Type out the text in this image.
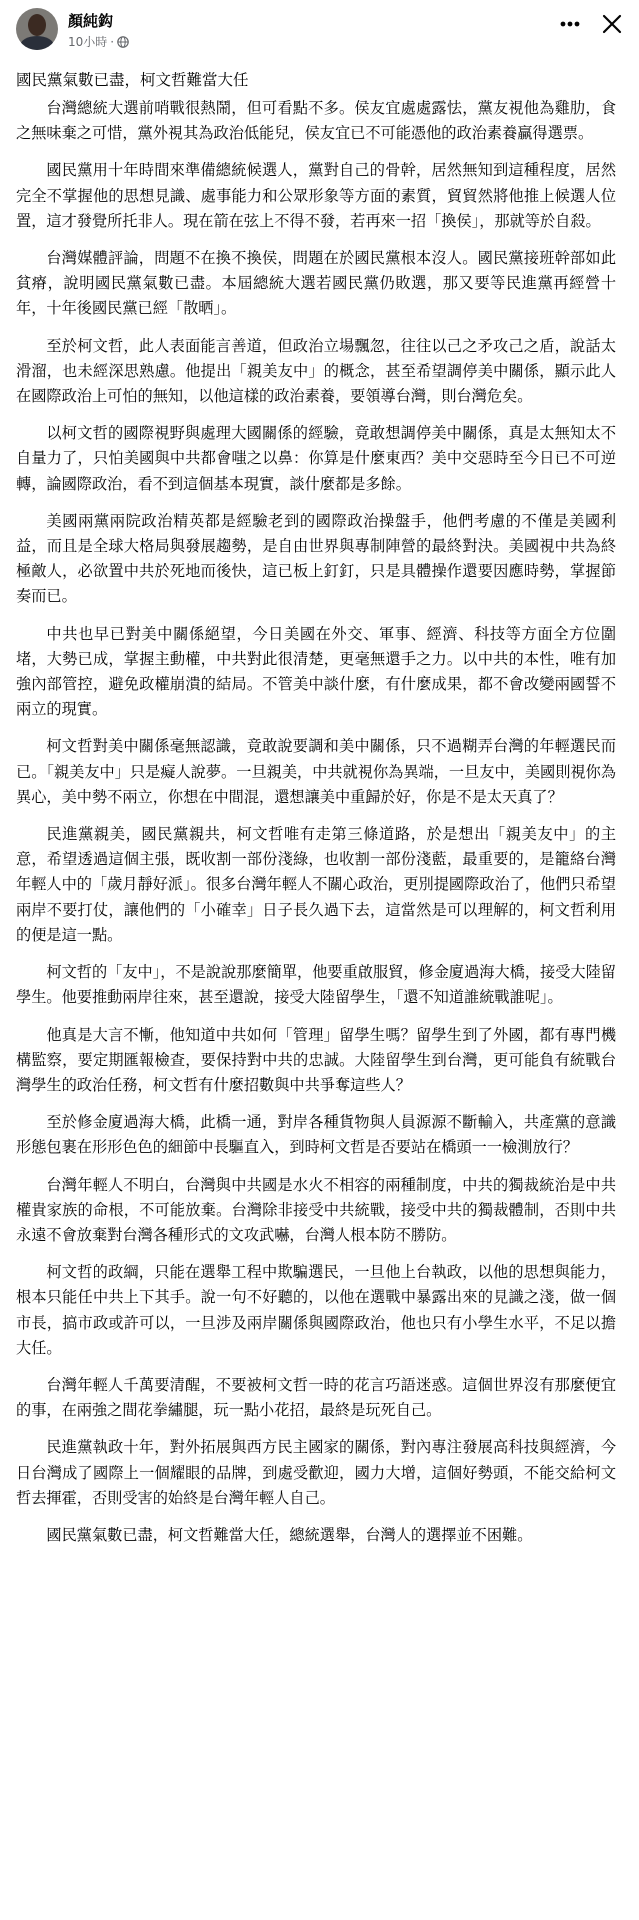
顏純鈎
10小時 ·
國民黨氣數已盡，柯文哲難當大任

台灣總統大選前哨戰很熱鬧，但可看點不多。侯友宜處處露怯，黨友視他為雞肋，食之無味棄之可惜，黨外視其為政治低能兒，侯友宜已不可能憑他的政治素養贏得選票。

國民黨用十年時間來準備總統候選人，黨對自己的骨幹，居然無知到這種程度，居然完全不掌握他的思想見識、處事能力和公眾形象等方面的素質，貿貿然將他推上候選人位置，這才發覺所托非人。現在箭在弦上不得不發，若再來一招「換侯」，那就等於自殺。

台灣媒體評論，問題不在換不換侯，問題在於國民黨根本沒人。國民黨接班幹部如此貧瘠，說明國民黨氣數已盡。本屆總統大選若國民黨仍敗選，那又要等民進黨再經營十年，十年後國民黨已經「散晒」。

至於柯文哲，此人表面能言善道，但政治立場飄忽，往往以己之矛攻己之盾，說話太滑溜，也未經深思熟慮。他提出「親美友中」的概念，甚至希望調停美中關係，顯示此人在國際政治上可怕的無知，以他這樣的政治素養，要領導台灣，則台灣危矣。

以柯文哲的國際視野與處理大國關係的經驗，竟敢想調停美中關係，真是太無知太不自量力了，只怕美國與中共都會嗤之以鼻：你算是什麼東西？美中交惡時至今日已不可逆轉，論國際政治，看不到這個基本現實，談什麼都是多餘。

美國兩黨兩院政治精英都是經驗老到的國際政治操盤手，他們考慮的不僅是美國利益，而且是全球大格局與發展趨勢，是自由世界與專制陣營的最終對決。美國視中共為終極敵人，必欲置中共於死地而後快，這已板上釘釘，只是具體操作還要因應時勢，掌握節奏而已。

中共也早已對美中關係絕望，今日美國在外交、軍事、經濟、科技等方面全方位圍堵，大勢已成，掌握主動權，中共對此很清楚，更毫無還手之力。以中共的本性，唯有加強內部管控，避免政權崩潰的結局。不管美中談什麼，有什麼成果，都不會改變兩國誓不兩立的現實。

柯文哲對美中關係毫無認識，竟敢說要調和美中關係，只不過糊弄台灣的年輕選民而已。「親美友中」只是癡人說夢。一旦親美，中共就視你為異端，一旦友中，美國則視你為異心，美中勢不兩立，你想在中間混，還想讓美中重歸於好，你是不是太天真了？

民進黨親美，國民黨親共，柯文哲唯有走第三條道路，於是想出「親美友中」的主意，希望透過這個主張，既收割一部份淺綠，也收割一部份淺藍，最重要的，是籠絡台灣年輕人中的「歲月靜好派」。很多台灣年輕人不關心政治，更別提國際政治了，他們只希望兩岸不要打仗，讓他們的「小確幸」日子長久過下去，這當然是可以理解的，柯文哲利用的便是這一點。

柯文哲的「友中」，不是說說那麼簡單，他要重啟服貿，修金廈過海大橋，接受大陸留學生。他要推動兩岸往來，甚至還說，接受大陸留學生，「還不知道誰統戰誰呢」。

他真是大言不慚，他知道中共如何「管理」留學生嗎？留學生到了外國，都有專門機構監察，要定期匯報檢查，要保持對中共的忠誠。大陸留學生到台灣，更可能負有統戰台灣學生的政治任務，柯文哲有什麼招數與中共爭奪這些人？

至於修金廈過海大橋，此橋一通，對岸各種貨物與人員源源不斷輸入，共產黨的意識形態包裹在形形色色的細節中長驅直入，到時柯文哲是否要站在橋頭一一檢測放行？

台灣年輕人不明白，台灣與中共國是水火不相容的兩種制度，中共的獨裁統治是中共權貴家族的命根，不可能放棄。台灣除非接受中共統戰，接受中共的獨裁體制，否則中共永遠不會放棄對台灣各種形式的文攻武嚇，台灣人根本防不勝防。

柯文哲的政綱，只能在選舉工程中欺騙選民，一旦他上台執政，以他的思想與能力，根本只能任中共上下其手。說一句不好聽的，以他在選戰中暴露出來的見識之淺，做一個市長，搞市政或許可以，一旦涉及兩岸關係與國際政治，他也只有小學生水平，不足以擔大任。

台灣年輕人千萬要清醒，不要被柯文哲一時的花言巧語迷惑。這個世界沒有那麼便宜的事，在兩強之間花拳繡腿，玩一點小花招，最終是玩死自己。

民進黨執政十年，對外拓展與西方民主國家的關係，對內專注發展高科技與經濟，今日台灣成了國際上一個耀眼的品牌，到處受歡迎，國力大增，這個好勢頭，不能交給柯文哲去揮霍，否則受害的始終是台灣年輕人自己。

國民黨氣數已盡，柯文哲難當大任，總統選舉，台灣人的選擇並不困難。
